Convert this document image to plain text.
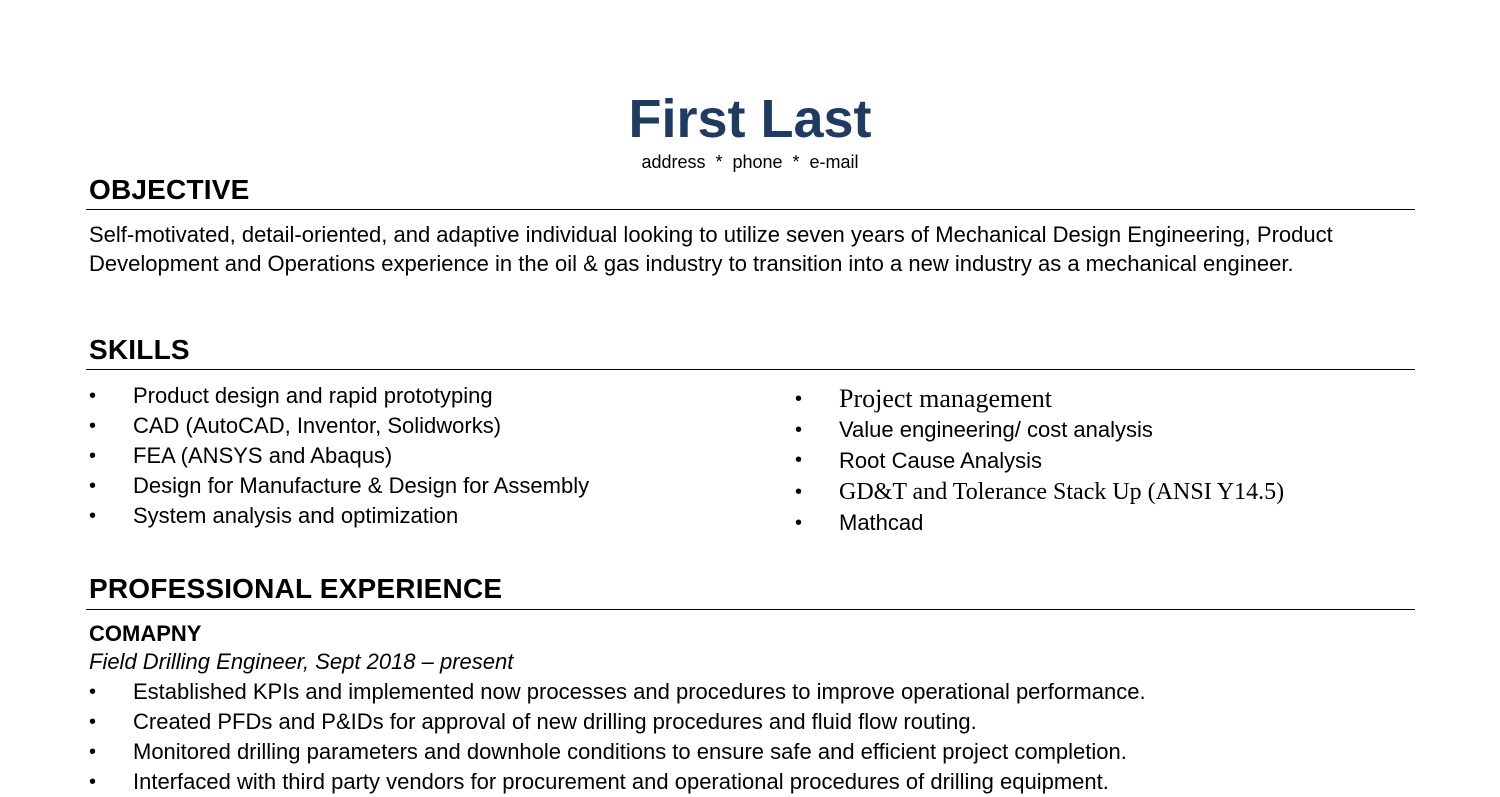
First Last
address  *  phone  *  e-mail
OBJECTIVE
Self-motivated, detail-oriented, and adaptive individual looking to utilize seven years of Mechanical Design Engineering, Product Development and Operations experience in the oil & gas industry to transition into a new industry as a mechanical engineer.
SKILLS
• Product design and rapid prototyping
• CAD (AutoCAD, Inventor, Solidworks)
• FEA (ANSYS and Abaqus)
• Design for Manufacture & Design for Assembly
• System analysis and optimization
• Project management
• Value engineering/ cost analysis
• Root Cause Analysis
• GD&T and Tolerance Stack Up (ANSI Y14.5)
• Mathcad
PROFESSIONAL EXPERIENCE
COMAPNY
Field Drilling Engineer, Sept 2018 – present
• Established KPIs and implemented now processes and procedures to improve operational performance.
• Created PFDs and P&IDs for approval of new drilling procedures and fluid flow routing.
• Monitored drilling parameters and downhole conditions to ensure safe and efficient project completion.
• Interfaced with third party vendors for procurement and operational procedures of drilling equipment.
